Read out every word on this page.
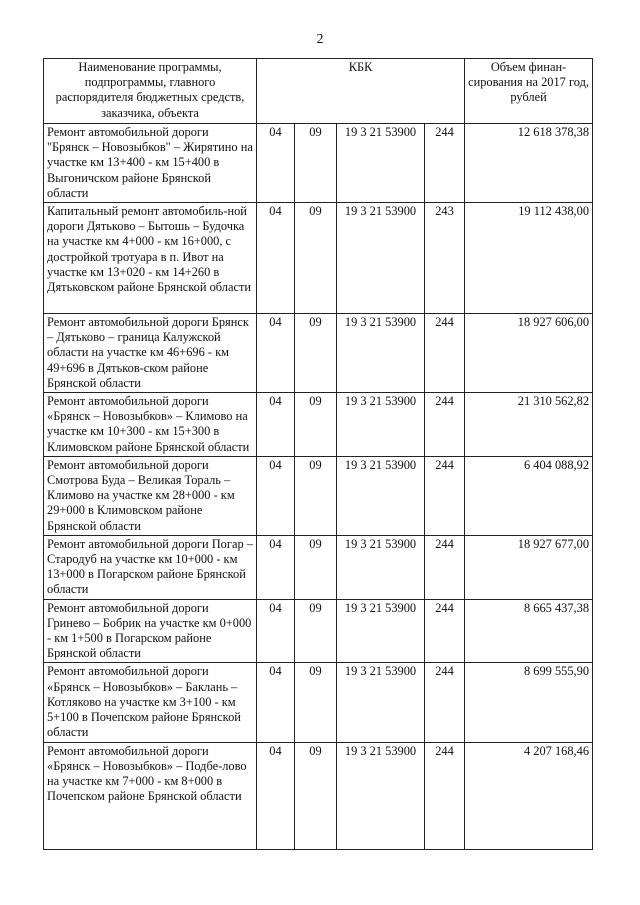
2
Наименование программы, подпрограммы, главного распорядителя бюджетных средств, заказчика, объекта	КБК				Объем финан-сирования на 2017 год, рублей
Ремонт автомобильной дороги "Брянск – Новозыбков" – Жирятино на участке км 13+400 - км 15+400 в Выгоничском районе Брянской области	04	09	19 3 21 53900	244	12 618 378,38
Капитальный ремонт автомобиль-ной дороги Дятьково – Бытошь – Будочка на участке км 4+000 - км 16+000, с достройкой тротуара в п. Ивот на участке км 13+020 - км 14+260 в Дятьковском районе Брянской области	04	09	19 3 21 53900	243	19 112 438,00
Ремонт автомобильной дороги Брянск – Дятьково – граница Калужской области на участке км 46+696 - км 49+696 в Дятьков-ском районе Брянской области	04	09	19 3 21 53900	244	18 927 606,00
Ремонт автомобильной дороги «Брянск – Новозыбков» – Климово на участке км 10+300 - км 15+300 в Климовском районе Брянской области	04	09	19 3 21 53900	244	21 310 562,82
Ремонт автомобильной дороги Смотрова Буда – Великая Topaль – Климово на участке км 28+000 - км 29+000 в Климовском районе Брянской области	04	09	19 3 21 53900	244	6 404 088,92
Ремонт автомобильной дороги Погар – Стародуб на участке км 10+000 - км 13+000 в Погарском районе Брянской области	04	09	19 3 21 53900	244	18 927 677,00
Ремонт автомобильной дороги Гринево – Бобрик на участке км 0+000 - км 1+500 в Погарском районе Брянской области	04	09	19 3 21 53900	244	8 665 437,38
Ремонт автомобильной дороги «Брянск – Новозыбков» – Баклань – Котляково на участке км 3+100 - км 5+100 в Почепском районе Брянской области	04	09	19 3 21 53900	244	8 699 555,90
Ремонт автомобильной дороги «Брянск – Новозыбков» – Подбе-лово на участке км 7+000 - км 8+000 в Почепском районе Брянской области	04	09	19 3 21 53900	244	4 207 168,46
